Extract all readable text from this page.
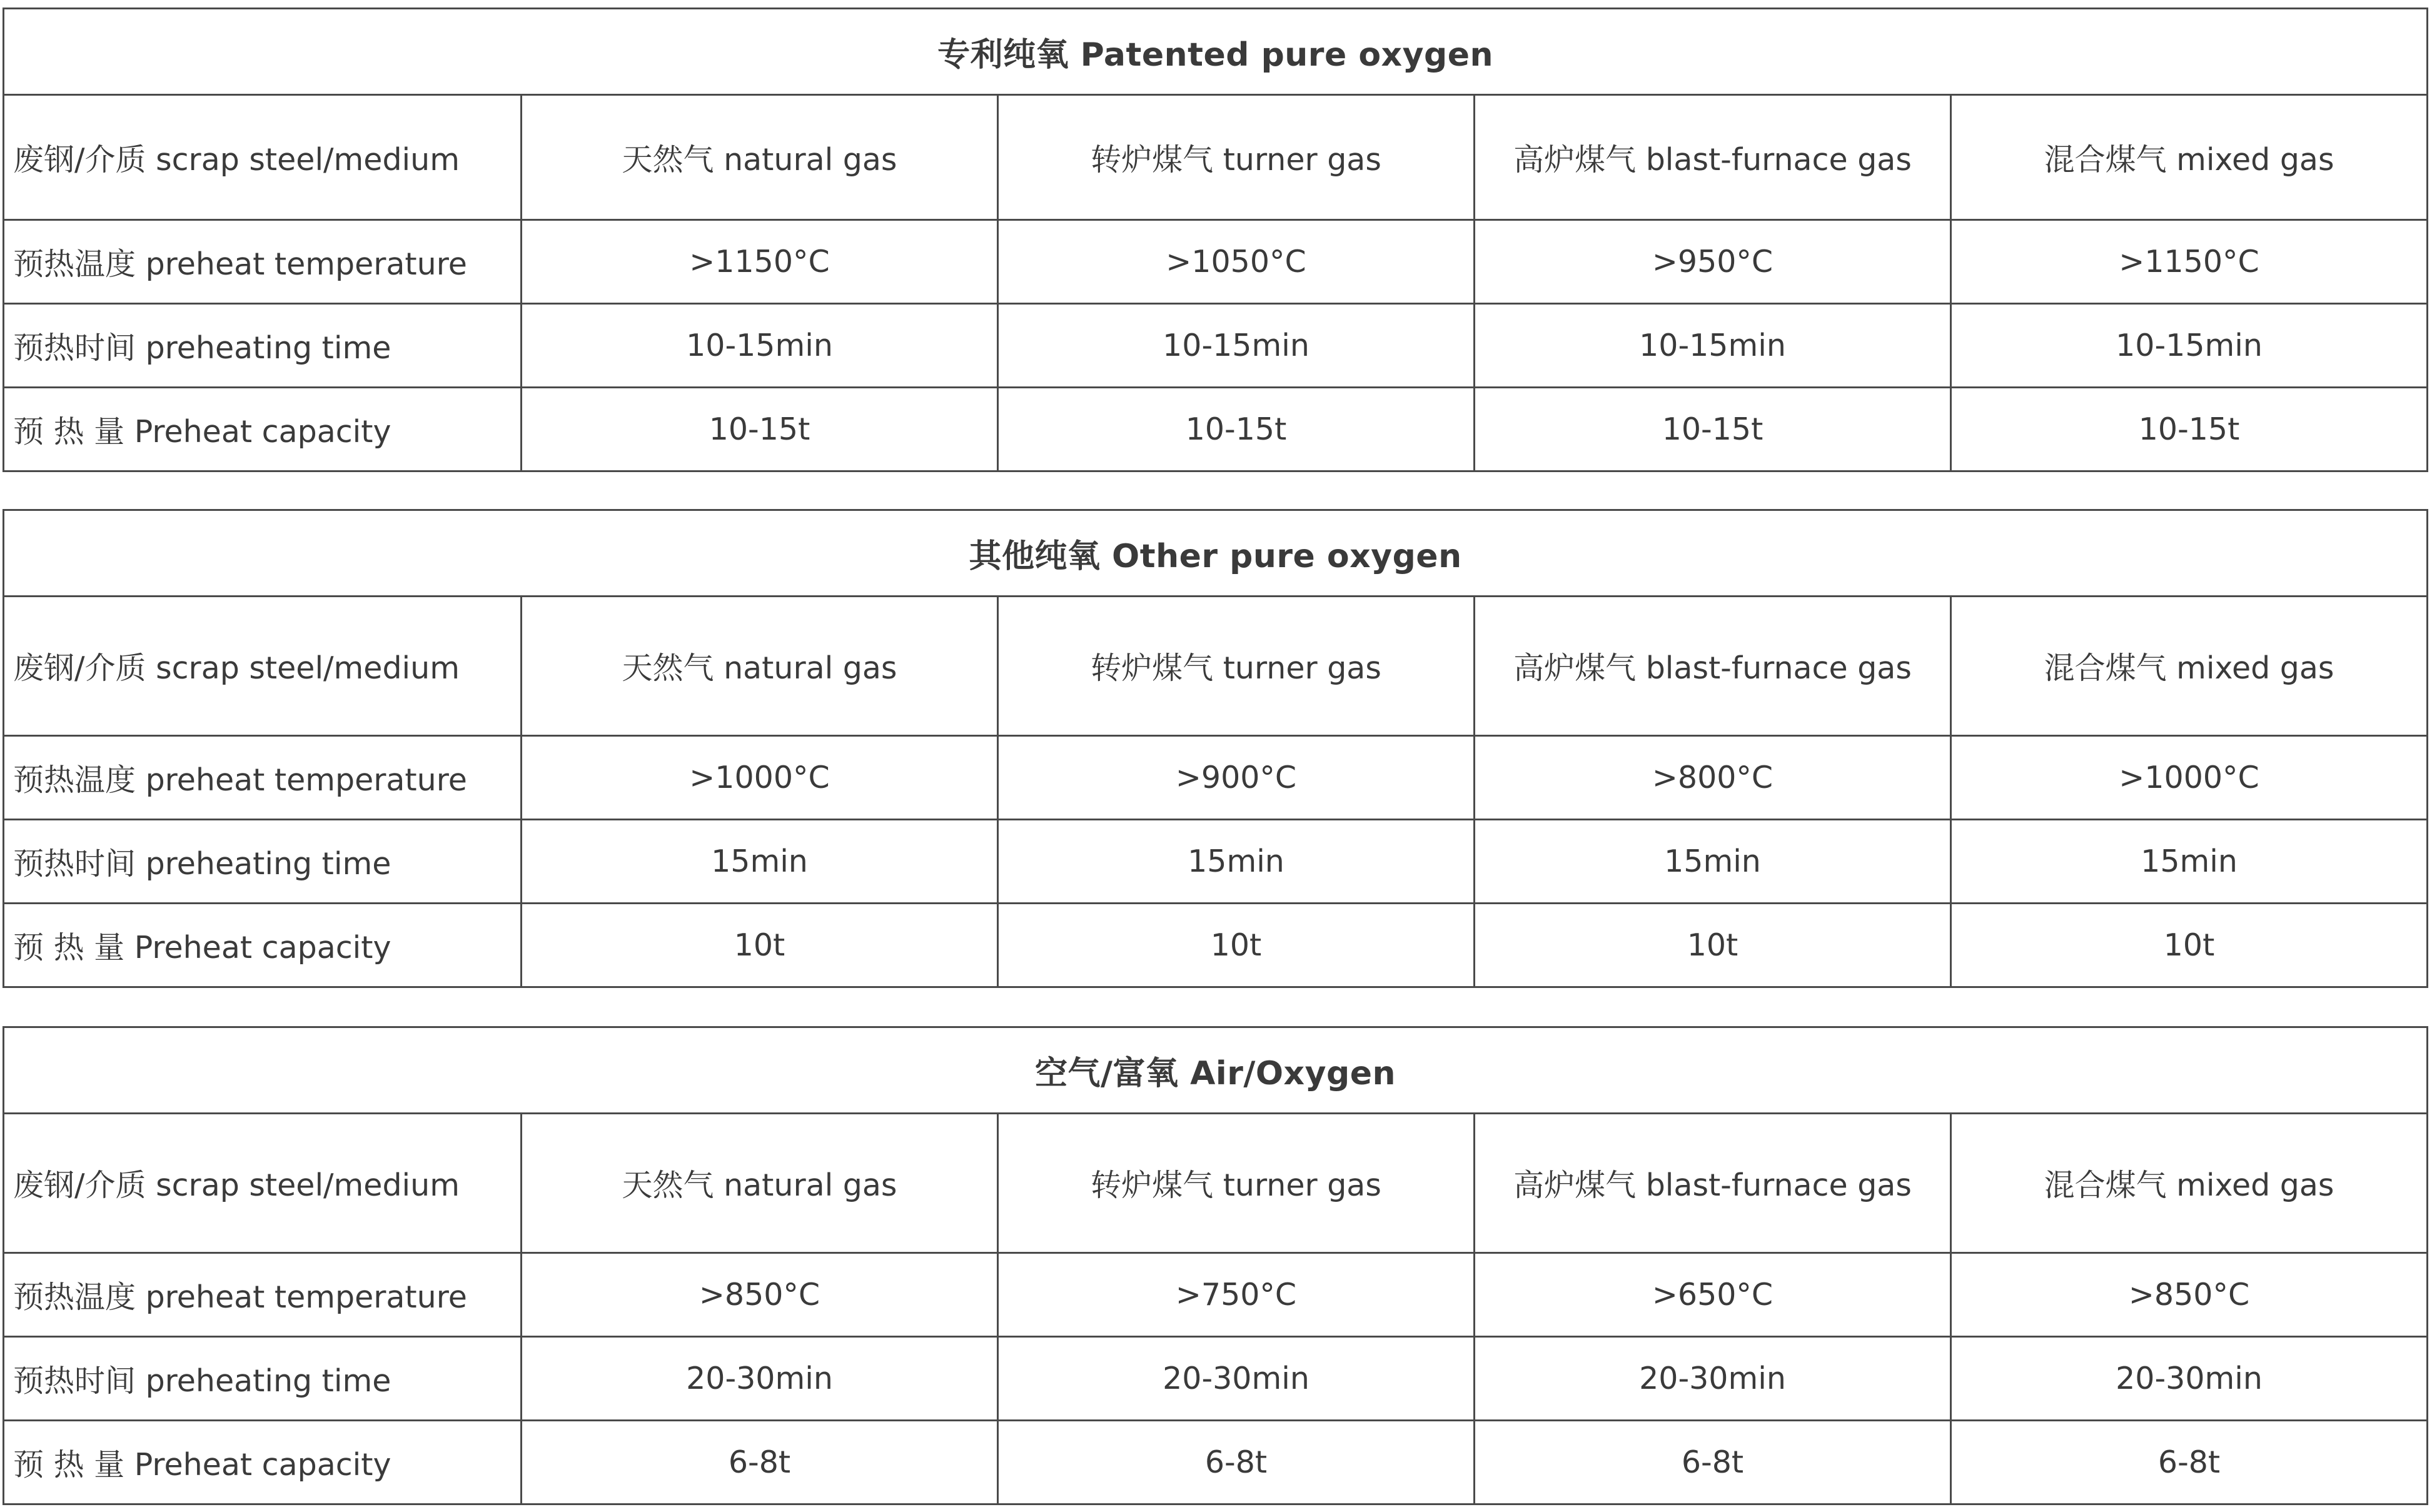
专利纯氧 Patented pure oxygen				
废钢/介质 scrap steel/medium	天然气 natural gas	转炉煤气 turner gas	高炉煤气 blast-furnace gas	混合煤气 mixed gas
预热温度 preheat temperature	>1150°C	>1050°C	>950°C	>1150°C
预热时间 preheating time	10-15min	10-15min	10-15min	10-15min
预 热 量 Preheat capacity	10-15t	10-15t	10-15t	10-15t
其他纯氧 Other pure oxygen				
废钢/介质 scrap steel/medium	天然气 natural gas	转炉煤气 turner gas	高炉煤气 blast-furnace gas	混合煤气 mixed gas
预热温度 preheat temperature	>1000°C	>900°C	>800°C	>1000°C
预热时间 preheating time	15min	15min	15min	15min
预 热 量 Preheat capacity	10t	10t	10t	10t
空气/富氧 Air/Oxygen				
废钢/介质 scrap steel/medium	天然气 natural gas	转炉煤气 turner gas	高炉煤气 blast-furnace gas	混合煤气 mixed gas
预热温度 preheat temperature	>850°C	>750°C	>650°C	>850°C
预热时间 preheating time	20-30min	20-30min	20-30min	20-30min
预 热 量 Preheat capacity	6-8t	6-8t	6-8t	6-8t
